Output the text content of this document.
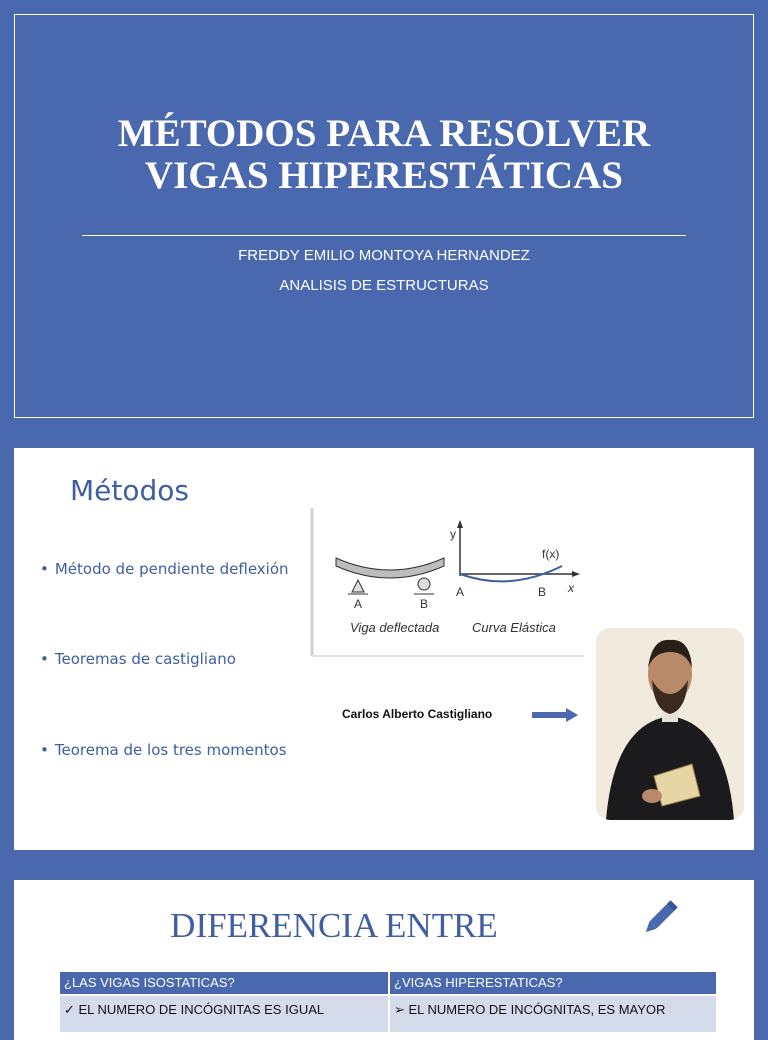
MÉTODOS PARA RESOLVER
VIGAS HIPERESTÁTICAS
FREDDY EMILIO MONTOYA HERNANDEZ
ANALISIS DE ESTRUCTURAS
Métodos
• Método de pendiente deflexión
• Teoremas de castigliano
• Teorema de los tres momentos
A	B
Viga deflectada
y
x
f(x)
A	B
Curva Elástica
Carlos Alberto Castigliano
DIFERENCIA ENTRE
¿LAS VIGAS ISOSTATICAS?	¿VIGAS HIPERESTATICAS?
✓ EL NUMERO DE INCÓGNITAS ES IGUAL	➢ EL NUMERO DE INCÓGNITAS, ES MAYOR
